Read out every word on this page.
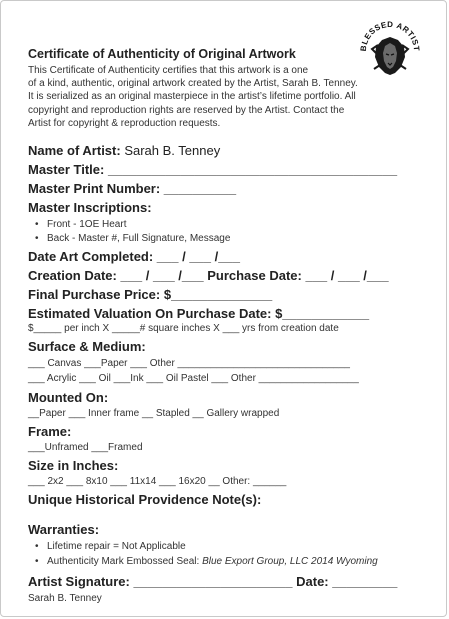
BLESSED ARTIST
Certificate of Authenticity of Original Artwork
This Certificate of Authenticity certifies that this artwork is a one
of a kind, authentic, original artwork created by the Artist, Sarah B. Tenney.
It is serialized as an original masterpiece in the artist’s lifetime portfolio. All
copyright and reproduction rights are reserved by the Artist. Contact the
Artist for copyright & reproduction requests.
Name of Artist: Sarah B. Tenney
Master Title: ________________________________________
Master Print Number: __________
Master Inscriptions:
• Front - 1OE Heart
• Back - Master #, Full Signature, Message
Date Art Completed: ___ / ___ /___
Creation Date: ___ / ___ /___ Purchase Date: ___ / ___ /___
Final Purchase Price: $______________
Estimated Valuation On Purchase Date: $____________
$_____ per inch X _____# square inches X ___ yrs from creation date
Surface & Medium:
___ Canvas ___Paper ___ Other _______________________________
___ Acrylic ___ Oil ___Ink ___ Oil Pastel ___ Other __________________
Mounted On:
__Paper ___ Inner frame __ Stapled __ Gallery wrapped
Frame:
___Unframed ___Framed
Size in Inches:
___ 2x2 ___ 8x10 ___ 11x14 ___ 16x20 __ Other: ______
Unique Historical Providence Note(s):
Warranties:
• Lifetime repair = Not Applicable
• Authenticity Mark Embossed Seal: Blue Export Group, LLC 2014 Wyoming
Artist Signature: ______________________ Date: _________
Sarah B. Tenney
